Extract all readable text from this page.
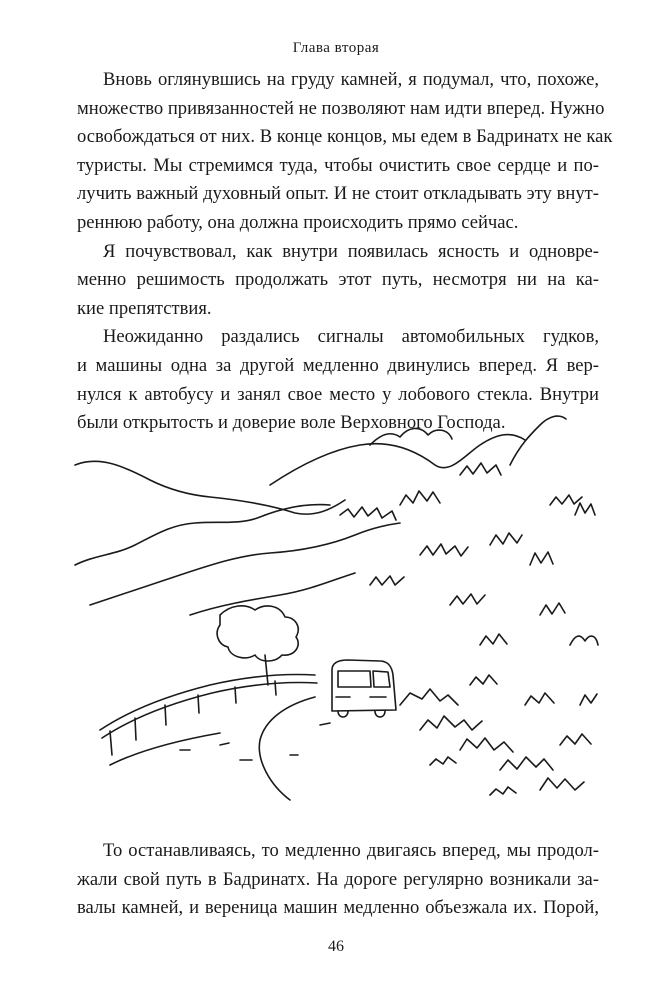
Глава вторая

Вновь оглянувшись на груду камней, я подумал, что, похоже,
множество привязанностей не позволяют нам идти вперед. Нужно
освобождаться от них. В конце концов, мы едем в Бадринатх не как
туристы. Мы стремимся туда, чтобы очистить свое сердце и по-
лучить важный духовный опыт. И не стоит откладывать эту внут-
реннюю работу, она должна происходить прямо сейчас.

Я почувствовал, как внутри появилась ясность и одновре-
менно решимость продолжать этот путь, несмотря ни на ка-
кие препятствия.

Неожиданно раздались сигналы автомобильных гудков,
и машины одна за другой медленно двинулись вперед. Я вер-
нулся к автобусу и занял свое место у лобового стекла. Внутри
были открытость и доверие воле Верховного Господа.

То останавливаясь, то медленно двигаясь вперед, мы продол-
жали свой путь в Бадринатх. На дороге регулярно возникали за-
валы камней, и вереница машин медленно объезжала их. Порой,

46
